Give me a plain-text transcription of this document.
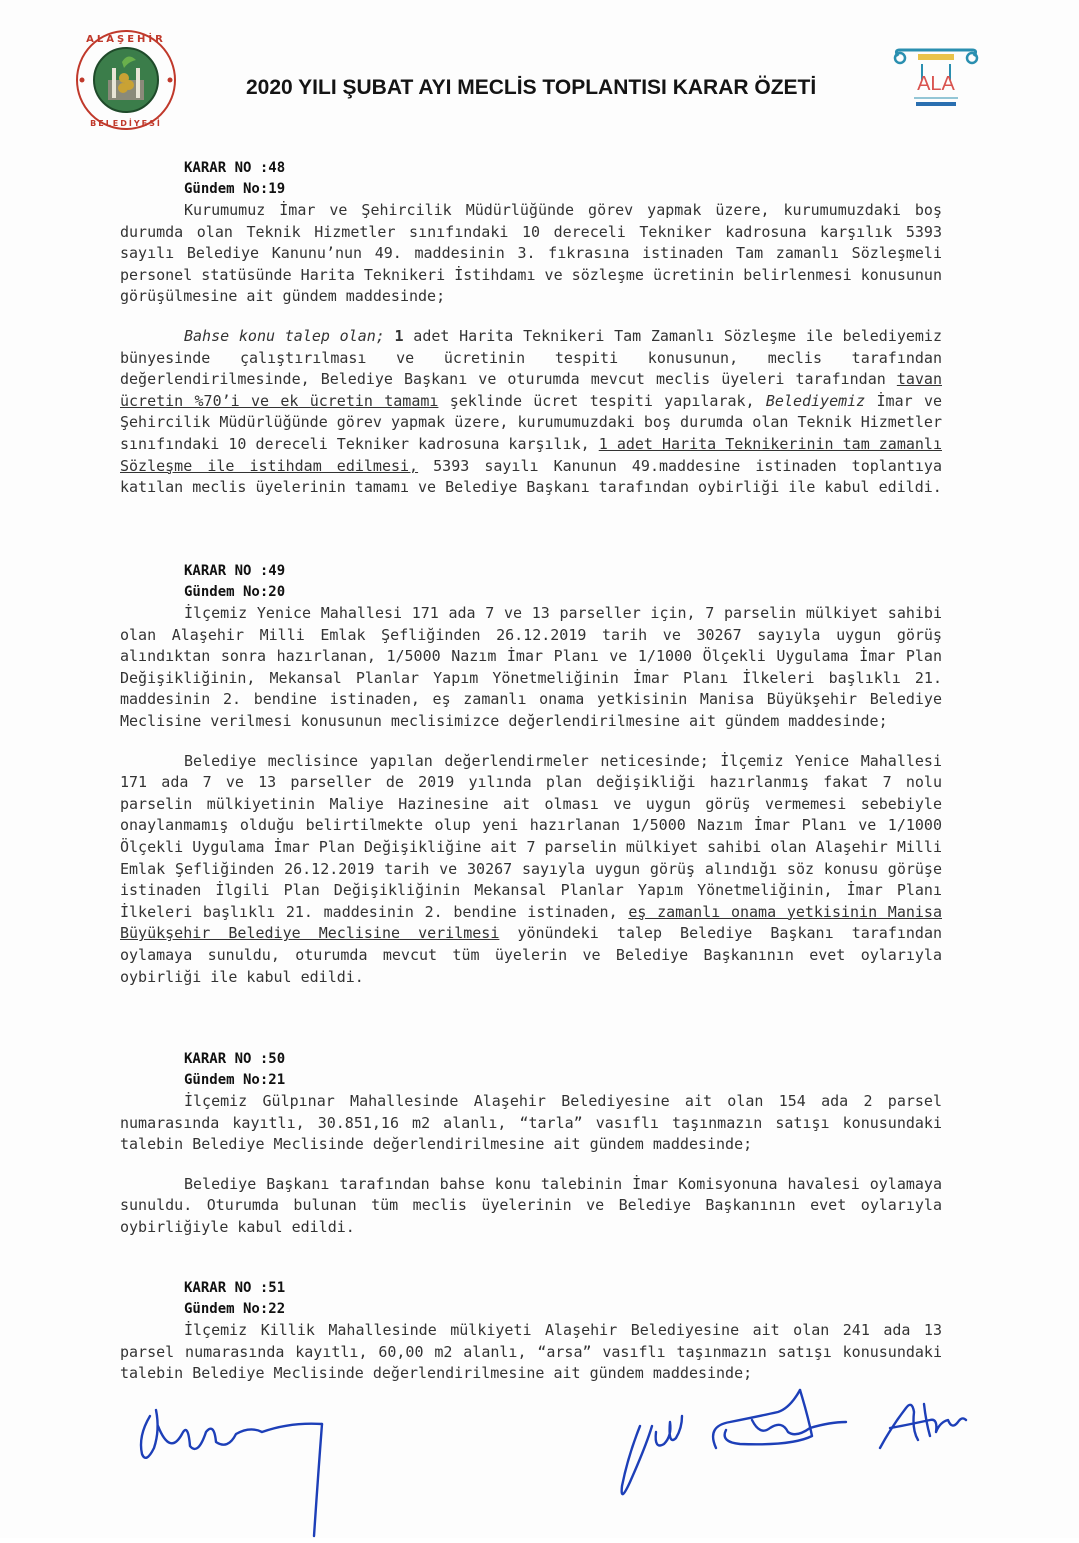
ALAŞEHİR
BELEDİYESİ
2020 YILI ŞUBAT AYI MECLİS TOPLANTISI KARAR ÖZETİ	ALA
KARAR NO :48
Gündem No:19

Kurumumuz İmar ve Şehircilik Müdürlüğünde görev yapmak üzere, kurumumuzdaki boş durumda olan Teknik Hizmetler sınıfındaki 10 dereceli Tekniker kadrosuna karşılık 5393 sayılı Belediye Kanunu’nun 49. maddesinin 3. fıkrasına istinaden Tam zamanlı Sözleşmeli personel statüsünde Harita Teknikeri İstihdamı ve sözleşme ücretinin belirlenmesi konusunun görüşülmesine ait gündem maddesinde;

Bahse konu talep olan; 1 adet Harita Teknikeri Tam Zamanlı Sözleşme ile belediyemiz bünyesinde çalıştırılması ve ücretinin tespiti konusunun, meclis tarafından değerlendirilmesinde, Belediye Başkanı ve oturumda mevcut meclis üyeleri tarafından tavan ücretin %70’i ve ek ücretin tamamı şeklinde ücret tespiti yapılarak, Belediyemiz İmar ve Şehircilik Müdürlüğünde görev yapmak üzere, kurumumuzdaki boş durumda olan Teknik Hizmetler sınıfındaki 10 dereceli Tekniker kadrosuna karşılık, 1 adet Harita Teknikerinin tam zamanlı Sözleşme ile istihdam edilmesi, 5393 sayılı Kanunun 49.maddesine istinaden toplantıya katılan meclis üyelerinin tamamı ve Belediye Başkanı tarafından oybirliği ile kabul edildi.

KARAR NO :49
Gündem No:20

İlçemiz Yenice Mahallesi 171 ada 7 ve 13 parseller için, 7 parselin mülkiyet sahibi olan Alaşehir Milli Emlak Şefliğinden 26.12.2019 tarih ve 30267 sayıyla uygun görüş alındıktan sonra hazırlanan, 1/5000 Nazım İmar Planı ve 1/1000 Ölçekli Uygulama İmar Plan Değişikliğinin, Mekansal Planlar Yapım Yönetmeliğinin İmar Planı İlkeleri başlıklı 21. maddesinin 2. bendine istinaden, eş zamanlı onama yetkisinin Manisa Büyükşehir Belediye Meclisine verilmesi konusunun meclisimizce değerlendirilmesine ait gündem maddesinde;

Belediye meclisince yapılan değerlendirmeler neticesinde; İlçemiz Yenice Mahallesi 171 ada 7 ve 13 parseller de 2019 yılında plan değişikliği hazırlanmış fakat 7 nolu parselin mülkiyetinin Maliye Hazinesine ait olması ve uygun görüş vermemesi sebebiyle onaylanmamış olduğu belirtilmekte olup yeni hazırlanan 1/5000 Nazım İmar Planı ve 1/1000 Ölçekli Uygulama İmar Plan Değişikliğine ait 7 parselin mülkiyet sahibi olan Alaşehir Milli Emlak Şefliğinden 26.12.2019 tarih ve 30267 sayıyla uygun görüş alındığı söz konusu görüşe istinaden İlgili Plan Değişikliğinin Mekansal Planlar Yapım Yönetmeliğinin, İmar Planı İlkeleri başlıklı 21. maddesinin 2. bendine istinaden, eş zamanlı onama yetkisinin Manisa Büyükşehir Belediye Meclisine verilmesi yönündeki talep Belediye Başkanı tarafından oylamaya sunuldu, oturumda mevcut tüm üyelerin ve Belediye Başkanının evet oylarıyla oybirliği ile kabul edildi.

KARAR NO :50
Gündem No:21

İlçemiz Gülpınar Mahallesinde Alaşehir Belediyesine ait olan 154 ada 2 parsel numarasında kayıtlı, 30.851,16 m2 alanlı, “tarla” vasıflı taşınmazın satışı konusundaki talebin Belediye Meclisinde değerlendirilmesine ait gündem maddesinde;

Belediye Başkanı tarafından bahse konu talebinin İmar Komisyonuna havalesi oylamaya sunuldu. Oturumda bulunan tüm meclis üyelerinin ve Belediye Başkanının evet oylarıyla oybirliğiyle kabul edildi.

KARAR NO :51
Gündem No:22

İlçemiz Killik Mahallesinde mülkiyeti Alaşehir Belediyesine ait olan 241 ada 13 parsel numarasında kayıtlı, 60,00 m2 alanlı, “arsa” vasıflı taşınmazın satışı konusundaki talebin Belediye Meclisinde değerlendirilmesine ait gündem maddesinde;
